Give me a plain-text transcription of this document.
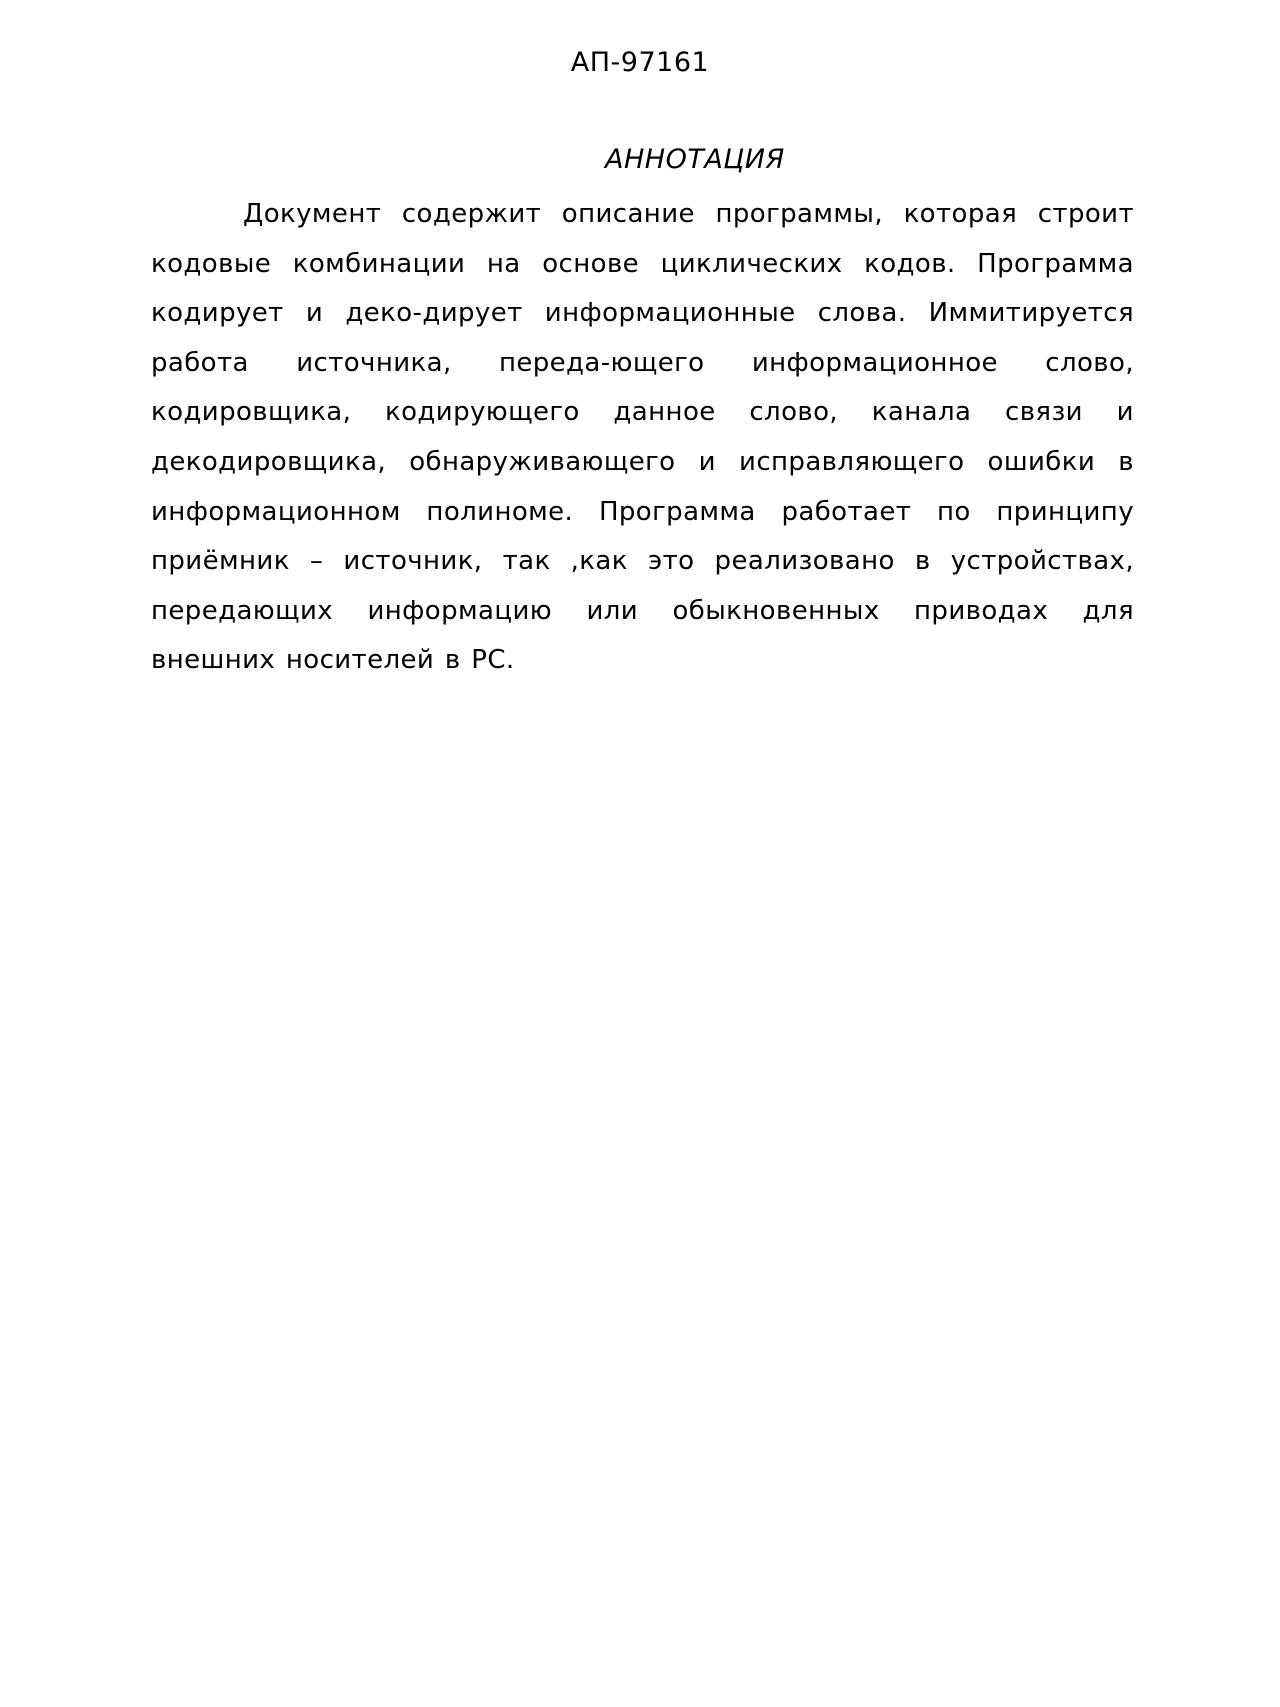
АП-97161
АННОТАЦИЯ

Документ содержит описание программы, которая строит кодовые комбинации на основе циклических кодов. Программа кодирует и деко-дирует информационные слова. Иммитируется работа источника, переда-ющего информационное слово, кодировщика, кодирующего данное слово, канала связи и декодировщика, обнаруживающего и исправляющего ошибки в информационном полиноме. Программа работает по принципу приёмник – источник, так ,как это реализовано в устройствах, передающих информацию или обыкновенных приводах для внешних носителей в PC.
